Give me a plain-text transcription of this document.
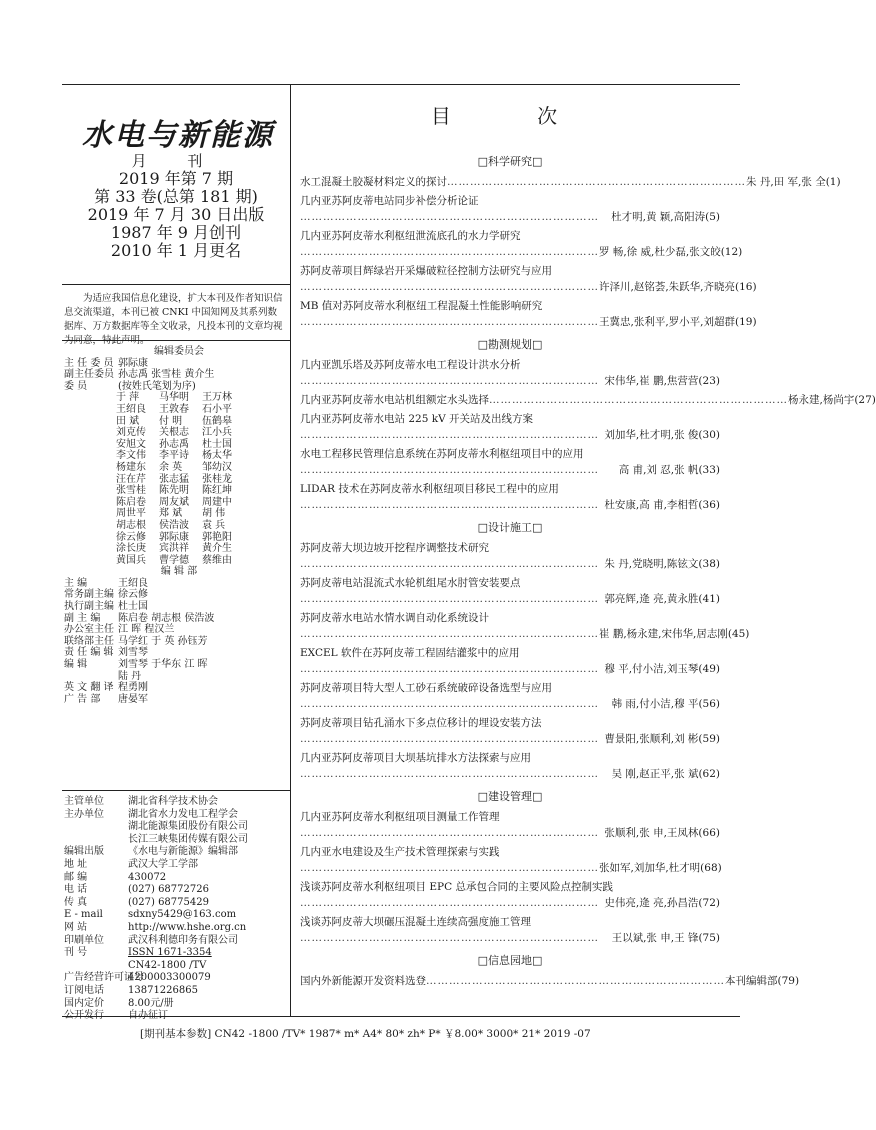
水电与新能源
月 刊
2019 年第 7 期
第 33 卷(总第 181 期)
2019 年 7 月 30 日出版
1987 年 9 月创刊
2010 年 1 月更名
为适应我国信息化建设，扩大本刊及作者知识信息交流渠道，本刊已被 CNKI 中国知网及其系列数据库、万方数据库等全文收录，凡投本刊的文章均视为同意，特此声明。
编辑委员会
主 任 委 员 郭际康
副主任委员 孙志禹 张雪桂 黄介生
委 员	(按姓氏笔划为序)
于 萍	马华明	王万林
王绍良	王敦春	石小平
田 斌	付 明	伍鹤皋
刘克传	关根志	江小兵
安旭文	孙志禹	杜士国
李文伟	李平诗	杨太华
杨建东	余 英	邹幼汉
汪在芹	张志猛	张桂龙
张雪桂	陈先明	陈红坤
陈启卷	周友斌	周建中
周世平	郑 斌	胡 伟
胡志根	侯浩波	袁 兵
徐云修	郭际康	郭艳阳
涂长庚	宾洪祥	黄介生
黄国兵	曹学德	蔡维由
编 辑 部
主 编	王绍良
常务副主编 徐云修
执行副主编 杜士国
副 主 编	陈启卷 胡志根 侯浩波
办公室主任 江 晖 程汉兰
联络部主任 马学红 于 英 孙钰芳
责 任 编 辑 刘雪琴
编 辑	刘雪琴 于华东 江 晖
陆 丹
英 文 翻 译 程勇刚
广 告 部	唐晏军
主管单位	湖北省科学技术协会
主办单位	湖北省水力发电工程学会
湖北能源集团股份有限公司
长江三峡集团传媒有限公司
编辑出版	《水电与新能源》编辑部
地 址	武汉大学工学部
邮 编	430072
电 话	(027) 68772726
传 真	(027) 68775429
E - mail	sdxny5429@163.com
网 站	http://www.hshe.org.cn
印刷单位	武汉科利德印务有限公司
刊 号	ISSN 1671-3354
CN42-1800 /TV
广告经营许可证号
4200003300079
订阅电话	13871226865
国内定价	8.00元/册
公开发行	自办征订
目 次
□科学研究□
水工混凝土胶凝材料定义的探讨 …………………………………………………………………… 朱 丹,田 军,张 全(1)
几内亚苏阿皮蒂电站同步补偿分析论证
……………………………………………………………………	杜才明,黄 颖,高阳涛(5)
几内亚苏阿皮蒂水利枢纽泄流底孔的水力学研究
…………………………………………………………………… 罗 畅,徐 威,杜少磊,张文皎(12)
苏阿皮蒂项目辉绿岩开采爆破粒径控制方法研究与应用
…………………………………………………………………… 许泽川,赵铭荟,朱跃华,齐晓亮(16)
MB 值对苏阿皮蒂水利枢纽工程混凝土性能影响研究
…………………………………………………………………… 王冀忠,张利平,罗小平,刘超群(19)
□勘测规划□
几内亚凯乐塔及苏阿皮蒂水电工程设计洪水分析
…………………………………………………………………… 宋伟华,崔 鹏,焦营营(23)
几内亚苏阿皮蒂水电站机组额定水头选择 …………………………………………………………………… 杨永建,杨尚宇(27)
几内亚苏阿皮蒂水电站 225 kV 开关站及出线方案
…………………………………………………………………… 刘加华,杜才明,张 俊(30)
水电工程移民管理信息系统在苏阿皮蒂水利枢纽项目中的应用
……………………………………………………………………	高 甫,刘 忍,张 帆(33)
LIDAR 技术在苏阿皮蒂水利枢纽项目移民工程中的应用
…………………………………………………………………… 杜安康,高 甫,李相哲(36)
□设计施工□
苏阿皮蒂大坝边坡开挖程序调整技术研究
…………………………………………………………………… 朱 丹,党晓明,陈铉文(38)
苏阿皮蒂电站混流式水轮机组尾水肘管安装要点
…………………………………………………………………… 郭亮辉,逄 亮,黄永胜(41)
苏阿皮蒂水电站水情水调自动化系统设计
…………………………………………………………………… 崔 鹏,杨永建,宋伟华,居志刚(45)
EXCEL 软件在苏阿皮蒂工程固结灌浆中的应用
…………………………………………………………………… 穆 平,付小洁,刘玉琴(49)
苏阿皮蒂项目特大型人工砂石系统破碎设备选型与应用
……………………………………………………………………	韩 雨,付小洁,穆 平(56)
苏阿皮蒂项目钻孔涌水下多点位移计的埋设安装方法
…………………………………………………………………… 曹景阳,张顺利,刘 彬(59)
几内亚苏阿皮蒂项目大坝基坑排水方法探索与应用
……………………………………………………………………	吴 刚,赵正平,张 斌(62)
□建设管理□
几内亚苏阿皮蒂水利枢纽项目测量工作管理
…………………………………………………………………… 张顺利,张 申,王凤林(66)
几内亚水电建设及生产技术管理探索与实践
…………………………………………………………………… 张如军,刘加华,杜才明(68)
浅谈苏阿皮蒂水利枢纽项目 EPC 总承包合同的主要风险点控制实践
…………………………………………………………………… 史伟亮,逄 亮,孙昌浩(72)
浅谈苏阿皮蒂大坝碾压混凝土连续高强度施工管理
……………………………………………………………………	王以斌,张 申,王 锋(75)
□信息园地□
国内外新能源开发资料选登 …………………………………………………………………… 本刊编辑部(79)
[期刊基本参数] CN42 -1800 /TV* 1987* m* A4* 80* zh* P* ￥8.00* 3000* 21* 2019 -07
